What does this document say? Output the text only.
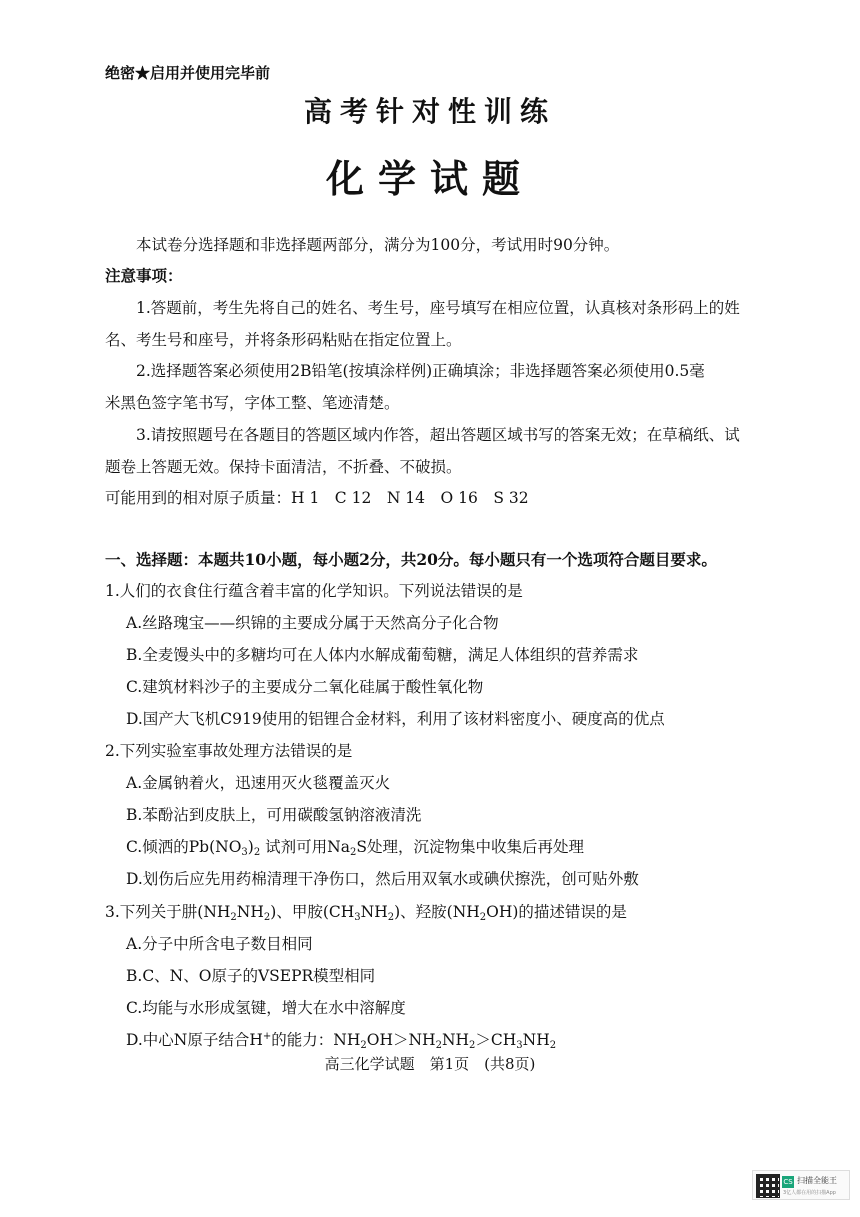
绝密★启用并使用完毕前
高考针对性训练
化学试题
本试卷分选择题和非选择题两部分，满分为100分，考试用时90分钟。
注意事项：
1.答题前，考生先将自己的姓名、考生号，座号填写在相应位置，认真核对条形码上的姓
名、考生号和座号，并将条形码粘贴在指定位置上。
2.选择题答案必须使用2B铅笔(按填涂样例)正确填涂；非选择题答案必须使用0.5毫
米黑色签字笔书写，字体工整、笔迹清楚。
3.请按照题号在各题目的答题区域内作答，超出答题区域书写的答案无效；在草稿纸、试
题卷上答题无效。保持卡面清洁，不折叠、不破损。
可能用到的相对原子质量：H 1　C 12　N 14　O 16　S 32
一、选择题：本题共10小题，每小题2分，共20分。每小题只有一个选项符合题目要求。
1.人们的衣食住行蕴含着丰富的化学知识。下列说法错误的是
A.丝路瑰宝——织锦的主要成分属于天然高分子化合物
B.全麦馒头中的多糖均可在人体内水解成葡萄糖，满足人体组织的营养需求
C.建筑材料沙子的主要成分二氧化硅属于酸性氧化物
D.国产大飞机C919使用的铝锂合金材料，利用了该材料密度小、硬度高的优点
2.下列实验室事故处理方法错误的是
A.金属钠着火，迅速用灭火毯覆盖灭火
B.苯酚沾到皮肤上，可用碳酸氢钠溶液清洗
C.倾洒的$Pb(NO_3)_2$ 试剂可用$Na_2S$处理，沉淀物集中收集后再处理
D.划伤后应先用药棉清理干净伤口，然后用双氧水或碘伏擦洗，创可贴外敷
3.下列关于肼$(NH_2NH_2)$、甲胺$(CH_3NH_2)$、羟胺$(NH_2OH)$的描述错误的是
A.分子中所含电子数目相同
B.C、N、O原子的VSEPR模型相同
C.均能与水形成氢键，增大在水中溶解度
D.中心N原子结合H+的能力：$NH_2OH>NH_2NH_2>CH_3NH_2$
高三化学试题　第1页　(共8页)
CS 扫描全能王
3亿人都在用的扫描App
